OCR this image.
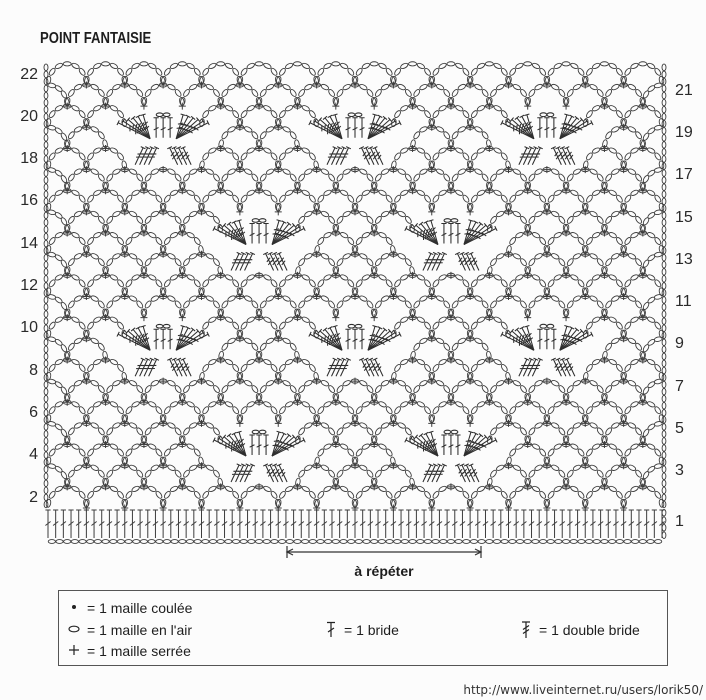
POINT FANTAISIE
22
20
18
16
14
12
10
8
6
4
2
21
19
17
15
13
11
9
7
5
3
1
à répéter
= 1 maille coulée
= 1 maille en l'air
= 1 maille serrée
= 1 bride	= 1 double bride
http://www.liveinternet.ru/users/lorik50/
